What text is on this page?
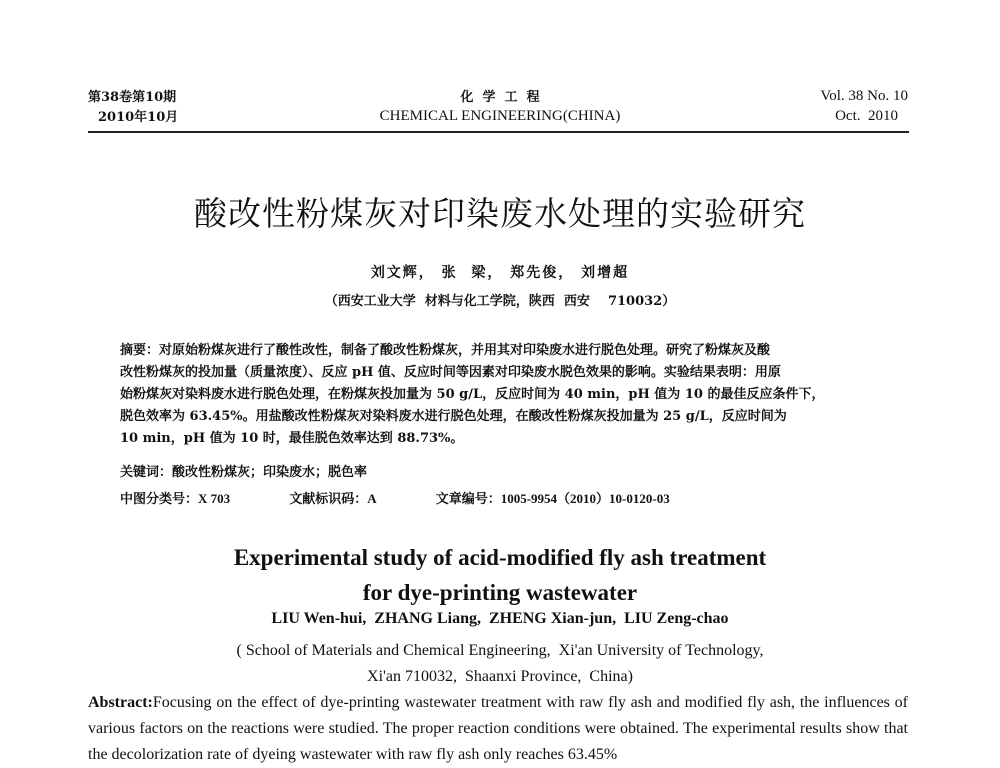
第38卷第10期
2010年10月
化  学  工  程
CHEMICAL ENGINEERING(CHINA)
Vol. 38 No. 10
Oct.  2010
酸改性粉煤灰对印染废水处理的实验研究
刘文辉， 张  梁， 郑先俊， 刘增超
（西安工业大学  材料与化工学院，陕西  西安    710032）
摘要：对原始粉煤灰进行了酸性改性，制备了酸改性粉煤灰，并用其对印染废水进行脱色处理。研究了粉煤灰及酸
改性粉煤灰的投加量（质量浓度）、反应 pH 值、反应时间等因素对印染废水脱色效果的影响。实验结果表明：用原
始粉煤灰对染料废水进行脱色处理，在粉煤灰投加量为 50 g/L，反应时间为 40 min，pH 值为 10 的最佳反应条件下，
脱色效率为 63.45%。用盐酸改性粉煤灰对染料废水进行脱色处理，在酸改性粉煤灰投加量为 25 g/L，反应时间为
10 min，pH 值为 10 时，最佳脱色效率达到 88.73%。
关键词：酸改性粉煤灰；印染废水；脱色率
中图分类号：X 703	文献标识码：A	文章编号：1005-9954（2010）10-0120-03
Experimental study of acid-modified fly ash treatment
for dye-printing wastewater
LIU Wen-hui,  ZHANG Liang,  ZHENG Xian-jun,  LIU Zeng-chao
( School of Materials and Chemical Engineering,  Xi'an University of Technology,
Xi'an 710032,  Shaanxi Province,  China)
Abstract:Focusing on the effect of dye-printing wastewater treatment with raw fly ash and modified fly ash, the influences of various factors on the reactions were studied. The proper reaction conditions were obtained. The experimental results show that the decolorization rate of dyeing wastewater with raw fly ash only reaches 63.45%
